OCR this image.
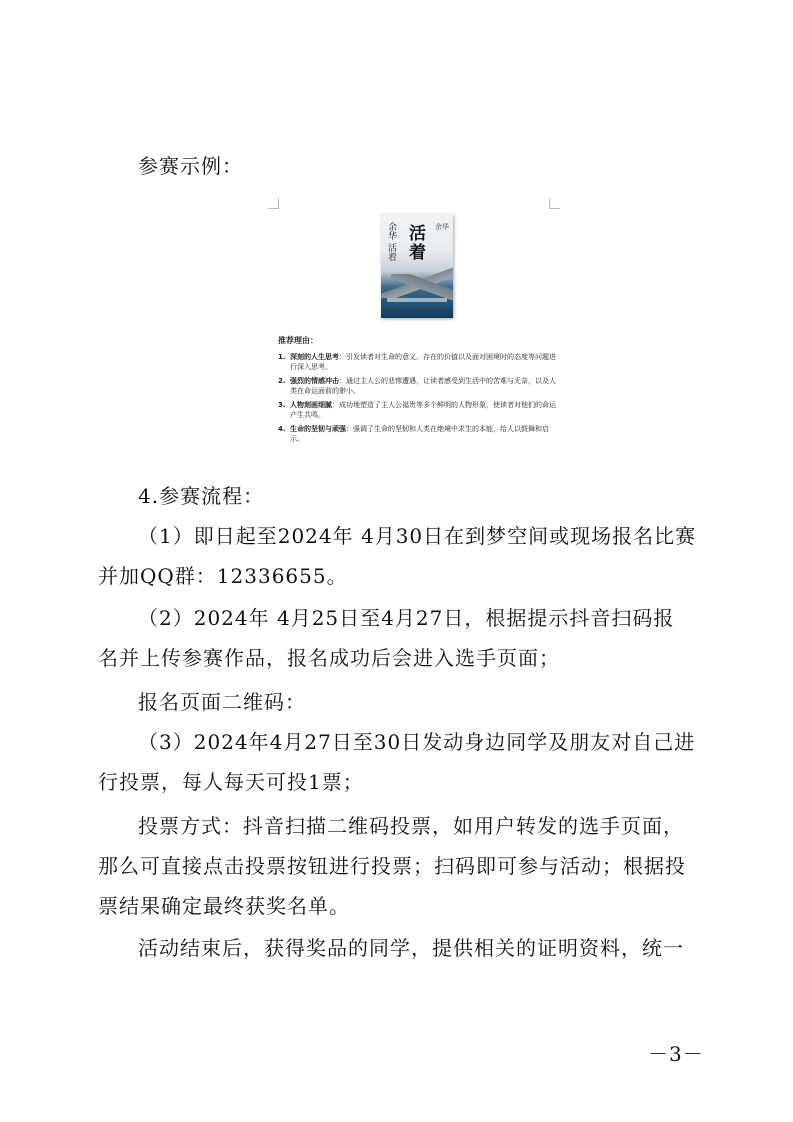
参赛示例：

余华 活着 活着 余华
推荐理由：
1. 深刻的人生思考：引发读者对生命的意义、存在的价值以及面对困境时的态度等问题进行深入思考。
2. 强烈的情感冲击：通过主人公的悲惨遭遇，让读者感受到生活中的苦难与无奈，以及人类在命运面前的渺小。
3. 人物刻画细腻：成功地塑造了主人公福贵等多个鲜明的人物形象，使读者对他们的命运产生共鸣。
4. 生命的坚韧与顽强：强调了生命的坚韧和人类在绝境中求生的本能，给人以鼓舞和启示。

4.参赛流程：

（1）即日起至2024年 4月30日在到梦空间或现场报名比赛
并加QQ群：12336655。

（2）2024年 4月25日至4月27日，根据提示抖音扫码报
名并上传参赛作品，报名成功后会进入选手页面；

报名页面二维码：

（3）2024年4月27日至30日发动身边同学及朋友对自己进
行投票，每人每天可投1票；

投票方式：抖音扫描二维码投票，如用户转发的选手页面，
那么可直接点击投票按钮进行投票；扫码即可参与活动；根据投
票结果确定最终获奖名单。

活动结束后，获得奖品的同学，提供相关的证明资料，统一

－3－
